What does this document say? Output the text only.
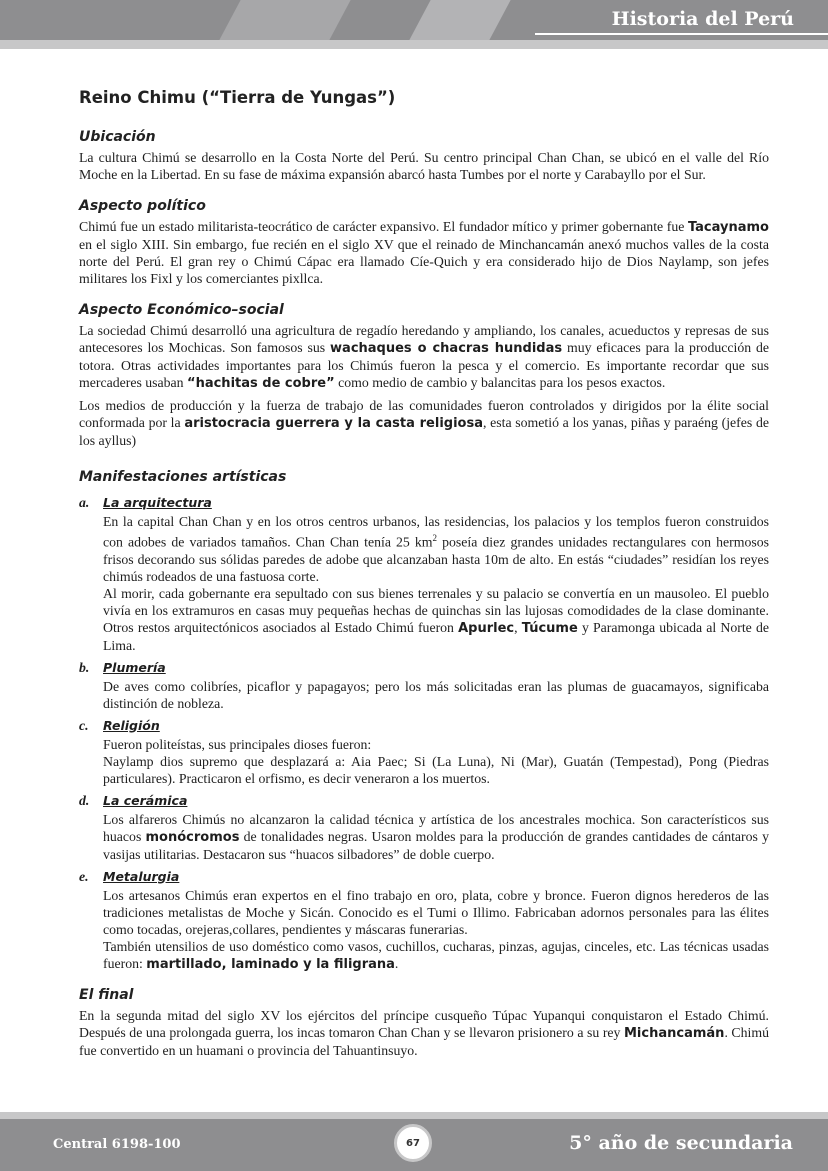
Historia del Perú
Reino Chimu (“Tierra de Yungas”)
Ubicación

La cultura Chimú se desarrollo en la Costa Norte del Perú. Su centro principal Chan Chan, se ubicó en el valle del Río Moche en la Libertad. En su fase de máxima expansión abarcó hasta Tumbes por el norte y Carabayllo por el Sur.

Aspecto político

Chimú fue un estado militarista-teocrático de carácter expansivo. El fundador mítico y primer gobernante fue Tacaynamo en el siglo XIII. Sin embargo, fue recién en el siglo XV que el reinado de Minchancamán anexó muchos valles de la costa norte del Perú. El gran rey o Chimú Cápac era llamado Cíe-Quich y era considerado hijo de Dios Naylamp, son jefes militares los Fixl y los comerciantes pixllca.

Aspecto Económico–social

La sociedad Chimú desarrolló una agricultura de regadío heredando y ampliando, los canales, acueductos y represas de sus antecesores los Mochicas. Son famosos sus wachaques o chacras hundidas muy eficaces para la producción de totora. Otras actividades importantes para los Chimús fueron la pesca y el comercio. Es importante recordar que sus mercaderes usaban “hachitas de cobre” como medio de cambio y balancitas para los pesos exactos.

Los medios de producción y la fuerza de trabajo de las comunidades fueron controlados y dirigidos por la élite social conformada por la aristocracia guerrera y la casta religiosa, esta sometió a los yanas, piñas y paraéng (jefes de los ayllus)

Manifestaciones artísticas
a.	La arquitectura

En la capital Chan Chan y en los otros centros urbanos, las residencias, los palacios y los templos fueron construidos con adobes de variados tamaños. Chan Chan tenía 25 $km^2$ poseía diez grandes unidades rectangulares con hermosos frisos decorando sus sólidas paredes de adobe que alcanzaban hasta 10m de alto. En estás “ciudades” residían los reyes chimús rodeados de una fastuosa corte.

Al morir, cada gobernante era sepultado con sus bienes terrenales y su palacio se convertía en un mausoleo. El pueblo vivía en los extramuros en casas muy pequeñas hechas de quinchas sin las lujosas comodidades de la clase dominante. Otros restos arquitectónicos asociados al Estado Chimú fueron Apurlec, Túcume y Paramonga ubicada al Norte de Lima.

b.	Plumería

De aves como colibríes, picaflor y papagayos; pero los más solicitadas eran las plumas de guacamayos, significaba distinción de nobleza.

c.	Religión

Fueron politeístas, sus principales dioses fueron:

Naylamp dios supremo que desplazará a: Aia Paec; Si (La Luna), Ni (Mar), Guatán (Tempestad), Pong (Piedras particulares). Practicaron el orfismo, es decir veneraron a los muertos.

d.	La cerámica

Los alfareros Chimús no alcanzaron la calidad técnica y artística de los ancestrales mochica. Son característicos sus huacos monócromos de tonalidades negras. Usaron moldes para la producción de grandes cantidades de cántaros y vasijas utilitarias. Destacaron sus “huacos silbadores” de doble cuerpo.

e.	Metalurgia

Los artesanos Chimús eran expertos en el fino trabajo en oro, plata, cobre y bronce. Fueron dignos herederos de las tradiciones metalistas de Moche y Sicán. Conocido es el Tumi o Illimo. Fabricaban adornos personales para las élites como tocadas, orejeras,collares, pendientes y máscaras funerarias.

También utensilios de uso doméstico como vasos, cuchillos, cucharas, pinzas, agujas, cinceles, etc. Las técnicas usadas fueron: martillado, laminado y la filigrana.

El final

En la segunda mitad del siglo XV los ejércitos del príncipe cusqueño Túpac Yupanqui conquistaron el Estado Chimú. Después de una prolongada guerra, los incas tomaron Chan Chan y se llevaron prisionero a su rey Michancamán. Chimú fue convertido en un huamani o provincia del Tahuantinsuyo.

Central 6198-100	5° año de secundaria
67
